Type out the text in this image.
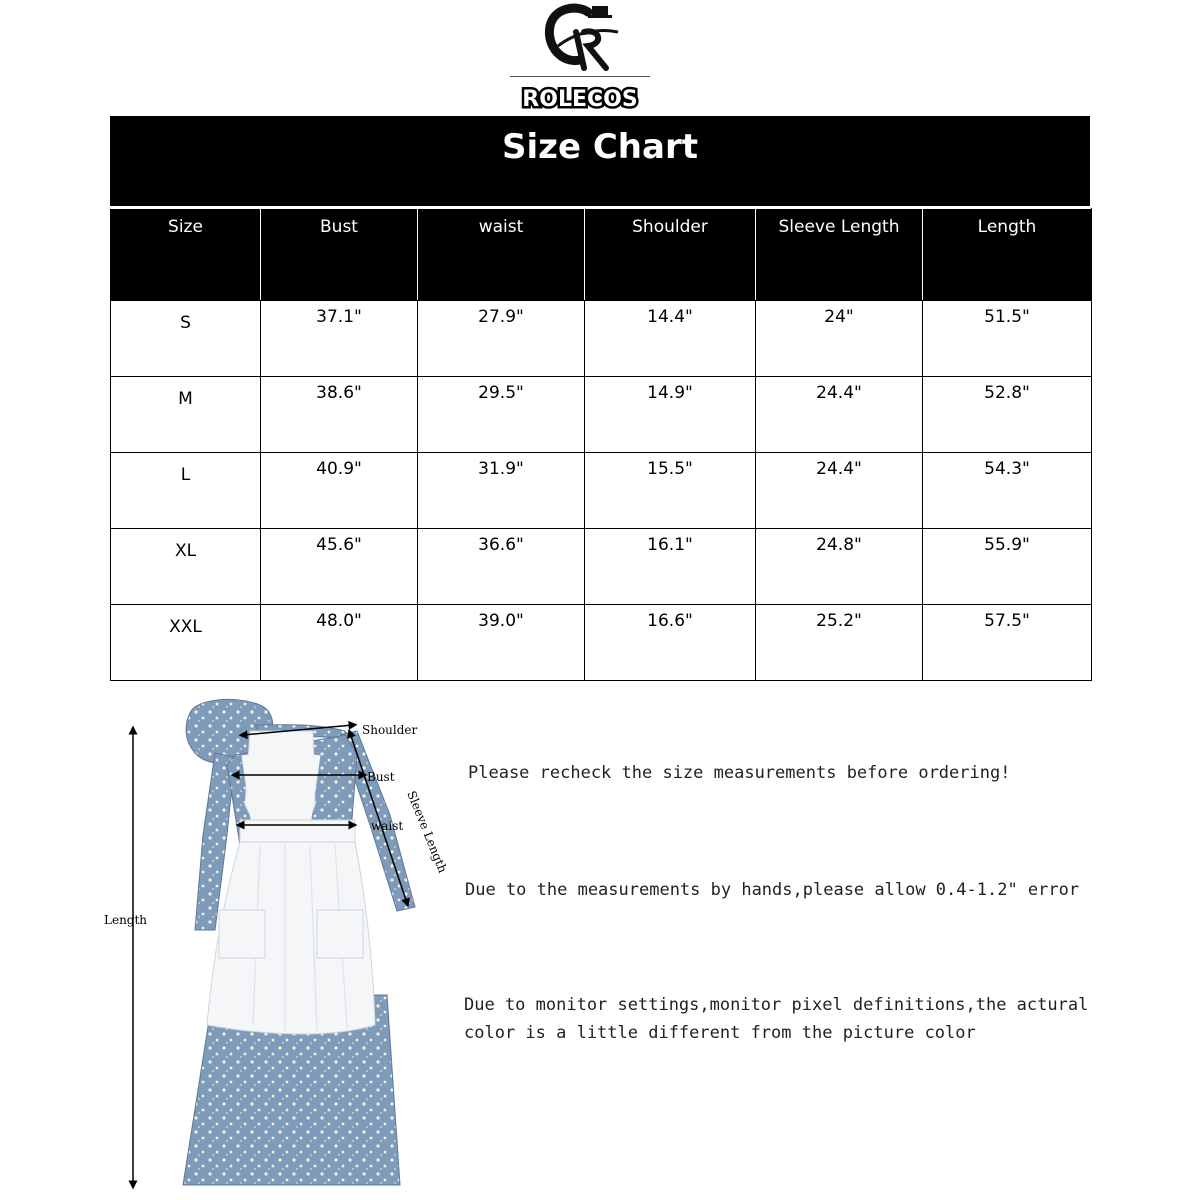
ROLECOS
Size Chart
Size	Bust	waist	Shoulder	Sleeve Length	Length
S	37.1"	27.9"	14.4"	24"	51.5"
M	38.6"	29.5"	14.9"	24.4"	52.8"
L	40.9"	31.9"	15.5"	24.4"	54.3"
XL	45.6"	36.6"	16.1"	24.8"	55.9"
XXL	48.0"	39.0"	16.6"	25.2"	57.5"
Shoulder
Bust
waist Sleeve Length
Length
Please recheck the size measurements before ordering!
Due to the measurements by hands,please allow 0.4-1.2" error
Due to monitor settings,monitor pixel definitions,the actural
color is a little different from the picture color
